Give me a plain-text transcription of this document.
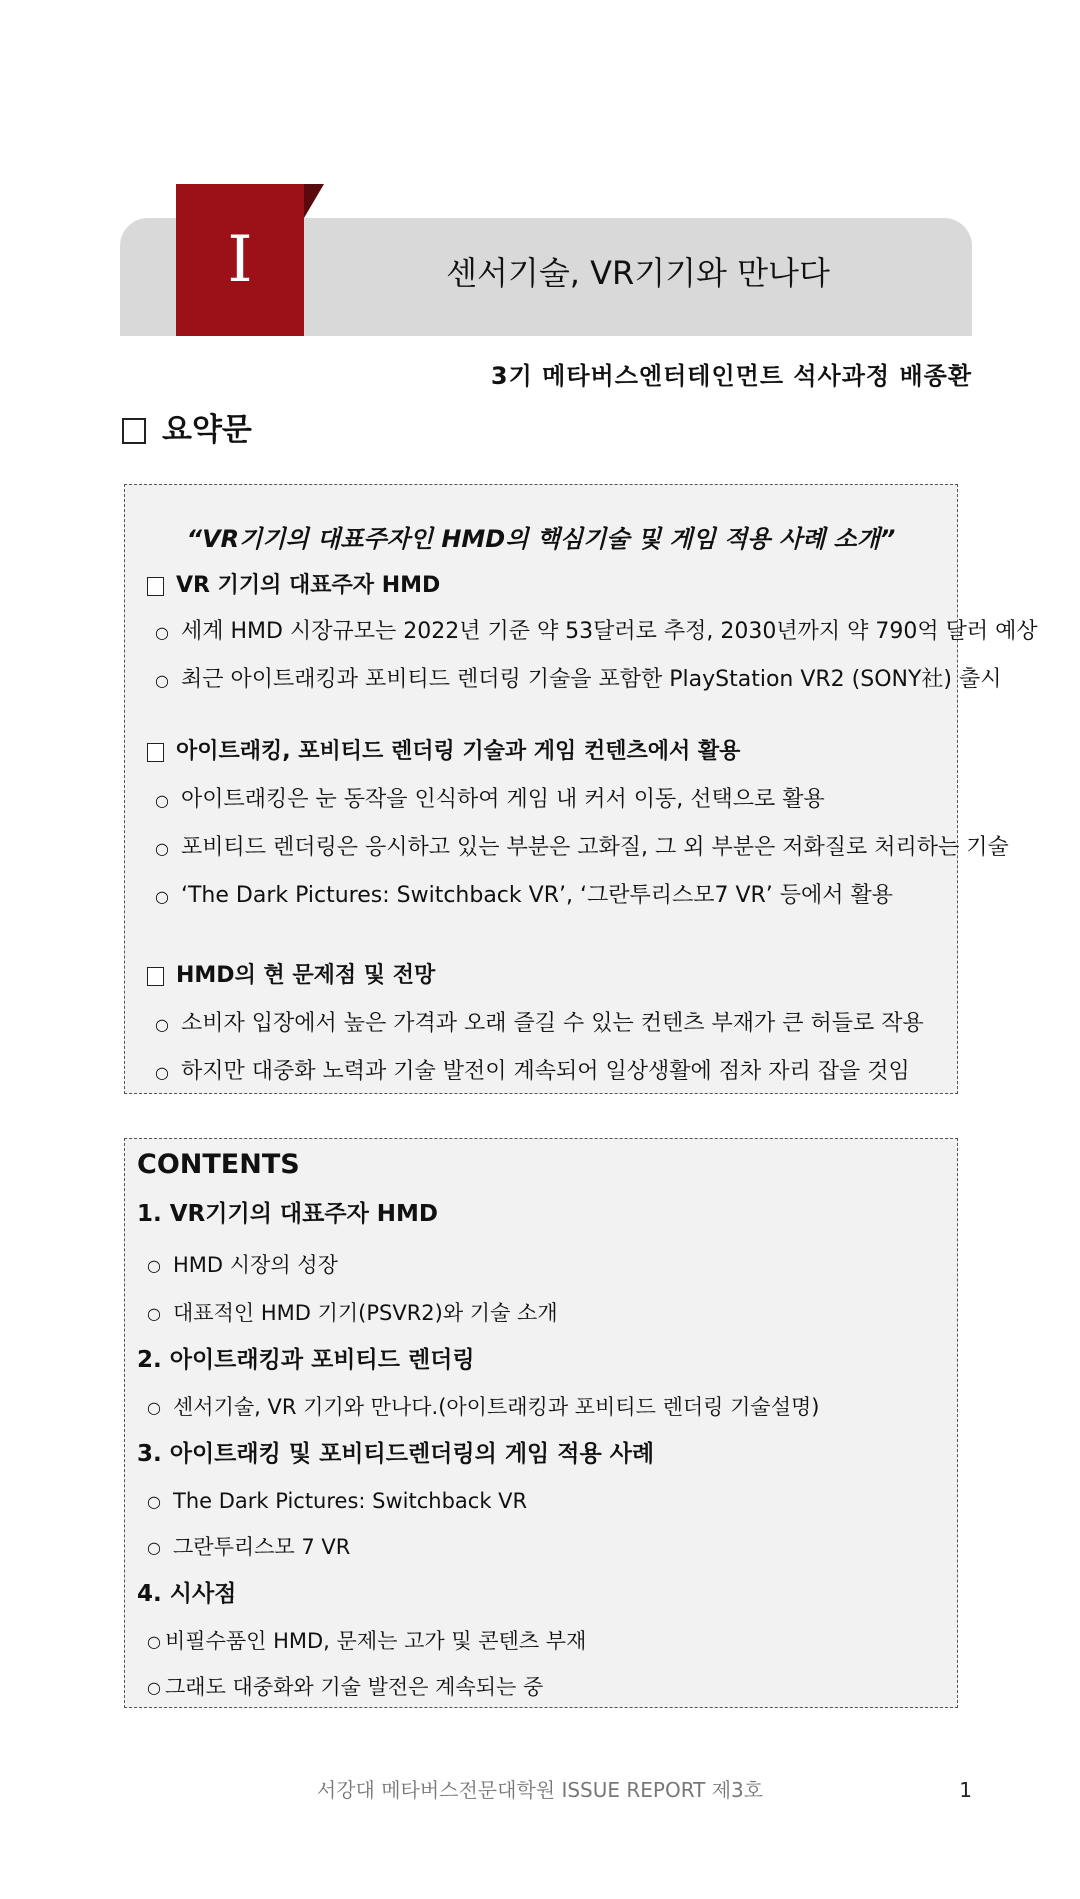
I	센서기술, VR기기와 만나다
3기 메타버스엔터테인먼트 석사과정 배종환
요약문
“VR기기의 대표주자인 HMD의 핵심기술 및 게임 적용 사례 소개”
VR 기기의 대표주자 HMD
○ 세계 HMD 시장규모는 2022년 기준 약 53달러로 추정, 2030년까지 약 790억 달러 예상
○ 최근 아이트래킹과 포비티드 렌더링 기술을 포함한 PlayStation VR2 (SONY社) 출시
아이트래킹, 포비티드 렌더링 기술과 게임 컨텐츠에서 활용
○ 아이트래킹은 눈 동작을 인식하여 게임 내 커서 이동, 선택으로 활용
○ 포비티드 렌더링은 응시하고 있는 부분은 고화질, 그 외 부분은 저화질로 처리하는 기술
○ ‘The Dark Pictures: Switchback VR’, ‘그란투리스모7 VR’ 등에서 활용
HMD의 현 문제점 및 전망
○ 소비자 입장에서 높은 가격과 오래 즐길 수 있는 컨텐츠 부재가 큰 허들로 작용
○ 하지만 대중화 노력과 기술 발전이 계속되어 일상생활에 점차 자리 잡을 것임
CONTENTS
1. VR기기의 대표주자 HMD
○ HMD 시장의 성장
○ 대표적인 HMD 기기(PSVR2)와 기술 소개
2. 아이트래킹과 포비티드 렌더링
○ 센서기술, VR 기기와 만나다.(아이트래킹과 포비티드 렌더링 기술설명)
3. 아이트래킹 및 포비티드렌더링의 게임 적용 사례
○ The Dark Pictures: Switchback VR
○ 그란투리스모 7 VR
4. 시사점
○ 비필수품인 HMD, 문제는 고가 및 콘텐츠 부재
○ 그래도 대중화와 기술 발전은 계속되는 중
서강대 메타버스전문대학원 ISSUE REPORT 제3호	1
